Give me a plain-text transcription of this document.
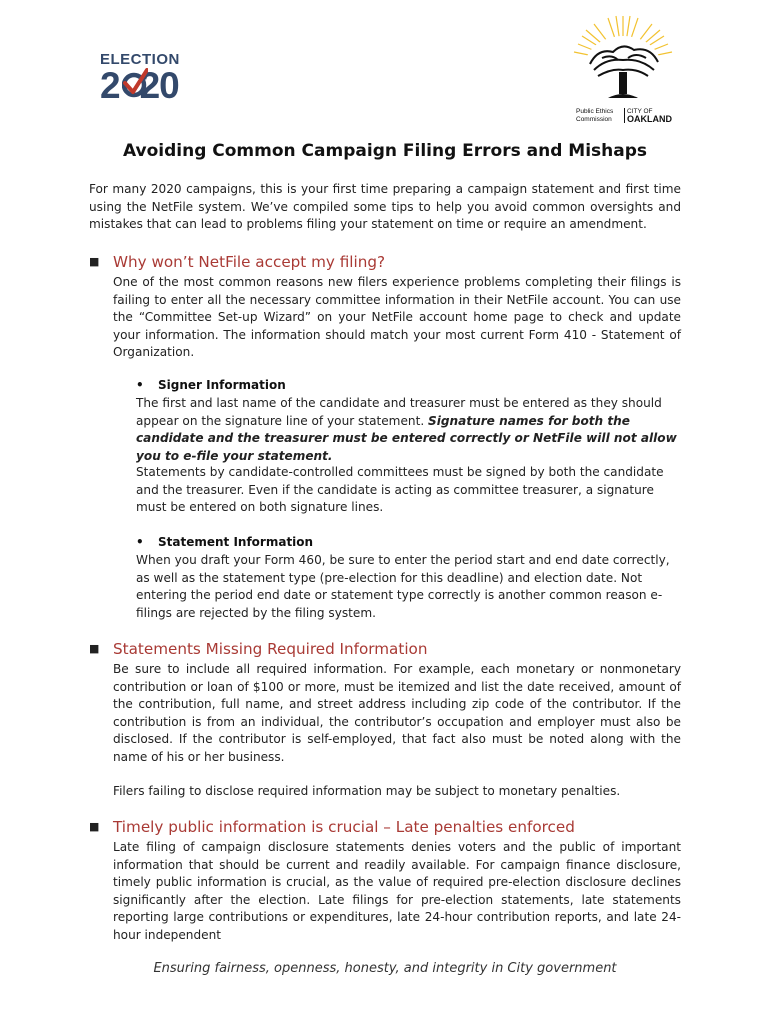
ELECTION
2 20
Public Ethics Commission
CITY OF
OAKLAND
Avoiding Common Campaign Filing Errors and Mishaps
For many 2020 campaigns, this is your first time preparing a campaign statement and first time using the NetFile system. We’ve compiled some tips to help you avoid common oversights and mistakes that can lead to problems filing your statement on time or require an amendment.
■ Why won’t NetFile accept my filing?
One of the most common reasons new filers experience problems completing their filings is failing to enter all the necessary committee information in their NetFile account. You can use the “Committee Set-up Wizard” on your NetFile account home page to check and update your information. The information should match your most current Form 410 - Statement of Organization.
• Signer Information
The first and last name of the candidate and treasurer must be entered as they should appear on the signature line of your statement. Signature names for both the candidate and the treasurer must be entered correctly or NetFile will not allow you to e-file your statement.
Statements by candidate-controlled committees must be signed by both the candidate and the treasurer. Even if the candidate is acting as committee treasurer, a signature must be entered on both signature lines.
• Statement Information
When you draft your Form 460, be sure to enter the period start and end date correctly, as well as the statement type (pre-election for this deadline) and election date. Not entering the period end date or statement type correctly is another common reason e-filings are rejected by the filing system.
■ Statements Missing Required Information
Be sure to include all required information. For example, each monetary or nonmonetary contribution or loan of $100 or more, must be itemized and list the date received, amount of the contribution, full name, and street address including zip code of the contributor. If the contribution is from an individual, the contributor’s occupation and employer must also be disclosed. If the contributor is self-employed, that fact also must be noted along with the name of his or her business.
Filers failing to disclose required information may be subject to monetary penalties.
■ Timely public information is crucial – Late penalties enforced
Late filing of campaign disclosure statements denies voters and the public of important information that should be current and readily available. For campaign finance disclosure, timely public information is crucial, as the value of required pre-election disclosure declines significantly after the election. Late filings for pre-election statements, late statements reporting large contributions or expenditures, late 24-hour contribution reports, and late 24-hour independent
Ensuring fairness, openness, honesty, and integrity in City government
